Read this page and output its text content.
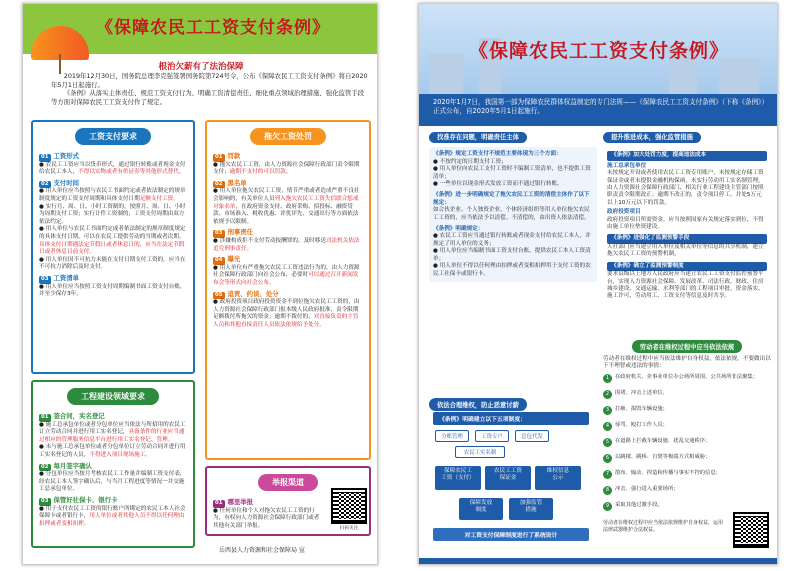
《保障农民工工资支付条例》
根治欠薪有了法治保障
2019年12月30日，国务院总理李克强签署国务院第724号令，公布《保障农民工工资支付条例》将自2020年5月1日起施行。
《条例》从落实主体责任、规范工资支付行为、明确工资清偿责任、细化重点领域治理措施、强化监管手段等方面对保障农民工工资支付作了规定。
工资支付要求
01 工资形式
● 农民工工资应当以货币形式，通过银行转账或者现金支付给农民工本人，不得以实物或者有价证券等其他形式替代。
02 支付时间
● 用人单位应当按照与农民工书面约定或者依法制定的规章制度规定的工资支付周期和具体支付日期足额支付工资。
● 实行月、周、日、小时工资制的，按照月、周、日、小时为周期支付工资；实行计件工资制的，工资支付周期由双方依法约定。
● 用人单位与农民工书面约定或者依法制定的规章制度规定的具体支付日期，可以在农民工提供劳动的当期或者次期。具体支付日期遇法定节假日或者休息日的，应当在法定节假日或者休息日前支付。
● 用人单位因不可抗力未能在支付日期支付工资的，应当在不可抗力消除后及时支付。
03 工资清单
● 用人单位应当按照工资支付周期编制书面工资支付台账，并至少保存3年。
拖欠工资处罚
01 罚款
● 拖欠农民工工资，由人力资源社会保障行政部门责令限期支付；逾期不支付的可以罚款。
02 黑名单
● 用人单位拖欠农民工工资，情节严重或者造成严重不良社会影响的，有关单位人员列入拖欠农民工工资失信联合惩戒对象名单，在政府资金支持、政府采购、招投标、融资贷款、市场准入、税收优惠、评优评先、交通出行等方面依法依规予以限制。
03 刑事责任
● 涉嫌构成拒不支付劳动报酬罪的，及时移送司法机关依法追究刑事责任。
04 曝光
● 用人单位有严重拖欠农民工工资违法行为的，由人力资源社会保障行政部门向社会公布，必要时可以通过召开新闻发布会等形式向社会公布。
05 追责、约谈、处分
● 政府投资项目政府投资资金不到位拖欠农民工工资的，由人力资源社会保障行政部门报本级人民政府批准，责令限期足额拨付所拖欠的资金；逾期不拨付的，对直接负责的主管人员和其他直接责任人员依法依规给予处分。
工程建设领域要求
01 签合同，实名登记
● 施工总承包单位或者分包单位应当依法与所招用的农民工订立劳动合同并进行用工实名登记，具备条件的行业应当通过相应的管理服务信息平台进行用工实名登记、管理。
● 未与施工总承包单位或者分包单位订立劳动合同并进行用工实名登记的人员，不得进入项目现场施工。
02 每月签字确认
● 分包单位应当按月考核农民工工作量并编制工资支付表，经农民工本人签字确认后，与当月工程进度等情况一并交施工总承包单位。
03 保管好社保卡、银行卡
● 用于支付农民工工资的银行账户所绑定的农民工本人社会保障卡或者银行卡，用人单位或者其他人员不得以任何理由扣押或者变相扣押。
举报渠道
01 哪里举报
● 任何单位和个人对拖欠农民工工资的行为，有权向人力资源社会保障行政部门或者其他有关部门举报。	扫码关注
岳西县人力资源和社会保障局 宣
《保障农民工工资支付条例》
2020年1月7日，我国第一部为保障农民群体权益制定的专门法规——《保障农民工工资支付条例》（下称《条例》）正式公布，自2020年5月1日起施行。
找准存在问题，明确责任主体
《条例》规定工资支付不规范主要体现为三个方面：
● 不按约定的日期支付工资；
● 用人单位向农民工支付工资时不编制工资清单，也不提供工资清单；
● 一些单位以现金形式发放工资而不通过银行转账。
《条例》进一步明确规定了拖欠农民工工资的清偿主体作了以下规定：
如合伙企业、个人独资企业、个体经济组织等用人单位拖欠农民工工资的，应当依法予以清偿。不清偿的，由出资人依法清偿。
《条例》明确规定：
● 农民工工资应当通过银行转账或者现金支付给农民工本人，并规定了用人单位的义务；
● 用人单位应当编制书面工资支付台账，提供农民工本人工资清单；
● 用人单位不得以任何理由扣押或者变相扣押用于支付工资的农民工社保卡或银行卡。
提升推进成本，强化监管措施
《条例》加大处罚力度，提高违法成本
施工总承包单位
未按规定开设或者使用农民工工资专用账户，未按规定存储工资保证金或者未提供金融机构保函，未实行劳动用工实名制管理，由人力资源社会保障行政部门、相关行业工程建设主管部门按照职责责令限期改正；逾期不改正的，责令项目停工，并处5万元以上10万元以下的罚款。
政府投资项目
政府投资项目所需资金，应当按照国家有关规定落实到位，不得由施工单位垫资建设。
《条例》进强化了监测预警手段
人社部门应当建立用人单位及相关单位等信息的共享机制，建立拖欠农民工工资的预警机制。
《条例》确立了监测预警制度
要求县级以上地方人民政府应当建立农民工工资支付监控预警平台，实现人力资源社会保障、发展改革、司法行政、财政、住房城乡建设、交通运输、水利等部门的工程项目审批、资金落实、施工许可、劳动用工、工资支付等信息及时共享。
劳动者在维权过程中应当依法依规
劳动者在维权过程中应当依法维护自身权益，依法依规。不要做出以下不理智或违法的事情：
1	在政府机关、企事业单位办公场所周围、公共场所非法聚集；
2	围堵、冲击上述单位、
3	打砸、损毁车辆设施；
4	辱骂、殴打工作人员；
5	在道路上拦截车辆设施、扰乱交通秩序；
6	以跳楼、跳桥、自焚等极端方式相威胁；
7	散布、煽动、捏造和传播与事实不符的信息；
8	冲击、强行进入重要场所；
9	采取其他过激手段。
劳动者在维权过程中应当依法依规维护自身权益，运用法律武器维护合法权益。
依法合理维权，防止恶意讨薪
《条例》明确建立以下五项制度：
分账管理	工资专户	总包代发
农民工实名制
保障农民工
工资（支付）
农民工工资
保证金
维权信息
公示
保障发放
制度
加强监管
措施
对工资支付保障制度进行了系统设计
